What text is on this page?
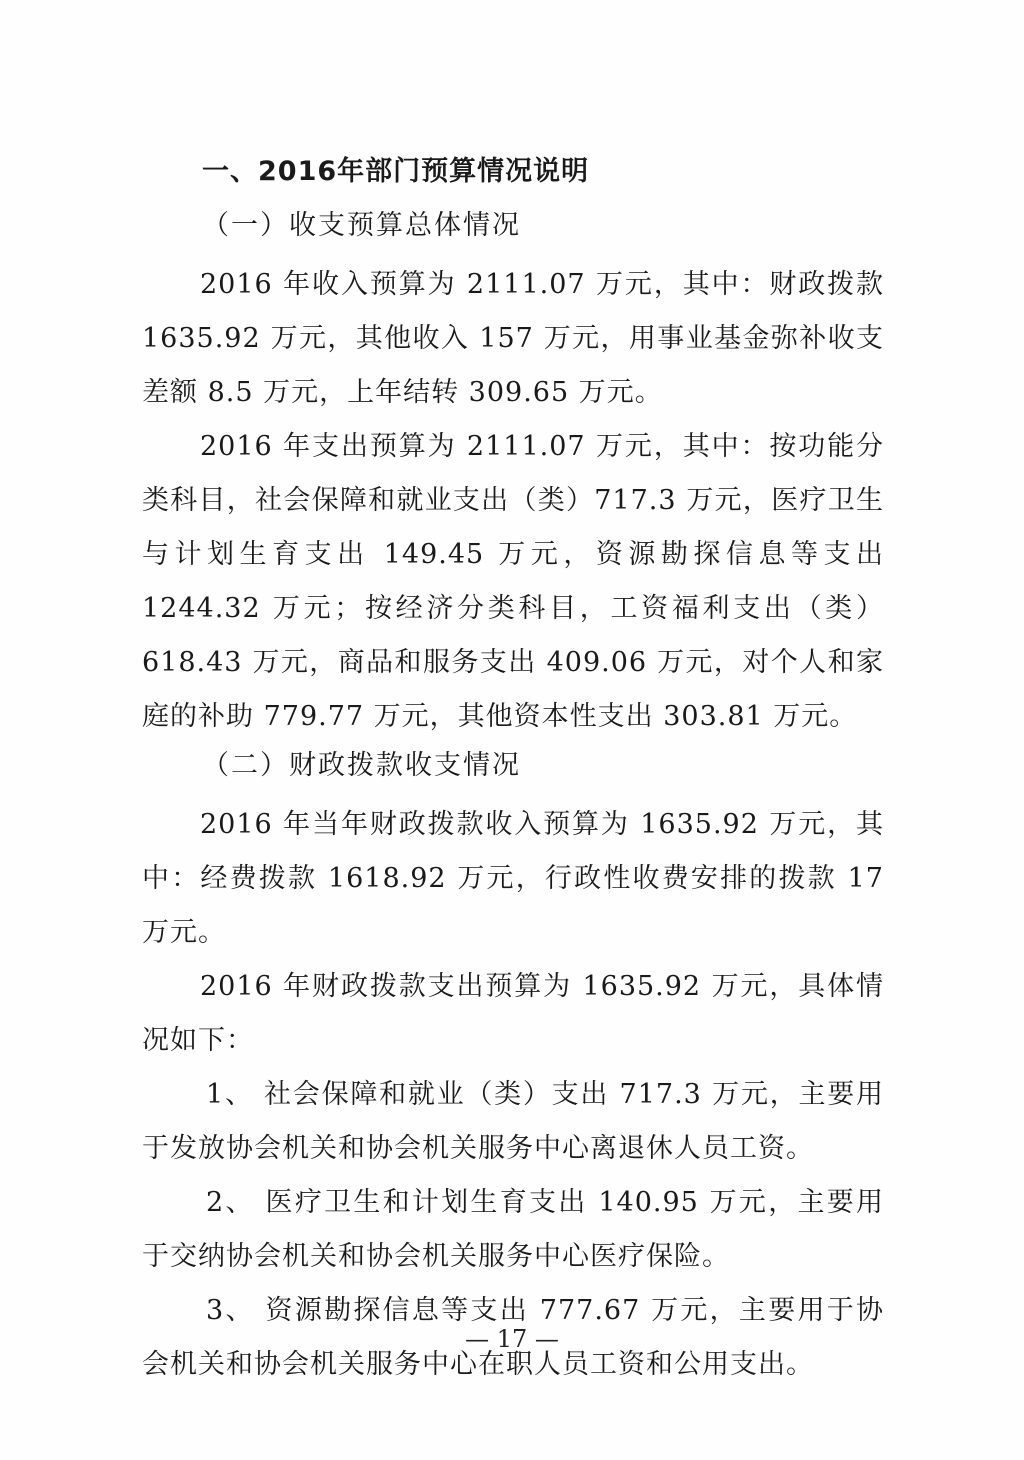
一、2016年部门预算情况说明
（一）收支预算总体情况

2016 年收入预算为 2111.07 万元，其中：财政拨款 1635.92 万元，其他收入 157 万元，用事业基金弥补收支差额 8.5 万元，上年结转 309.65 万元。

2016 年支出预算为 2111.07 万元，其中：按功能分类科目，社会保障和就业支出（类）717.3 万元，医疗卫生与计划生育支出 149.45 万元，资源勘探信息等支出 1244.32 万元；按经济分类科目，工资福利支出（类）618.43 万元，商品和服务支出 409.06 万元，对个人和家庭的补助 779.77 万元，其他资本性支出 303.81 万元。

（二）财政拨款收支情况

2016 年当年财政拨款收入预算为 1635.92 万元，其中：经费拨款 1618.92 万元，行政性收费安排的拨款 17 万元。

2016 年财政拨款支出预算为 1635.92 万元，具体情况如下：

1、 社会保障和就业（类）支出 717.3 万元，主要用于发放协会机关和协会机关服务中心离退休人员工资。

2、 医疗卫生和计划生育支出 140.95 万元，主要用于交纳协会机关和协会机关服务中心医疗保险。

3、 资源勘探信息等支出 777.67 万元，主要用于协会机关和协会机关服务中心在职人员工资和公用支出。

— 17 —
